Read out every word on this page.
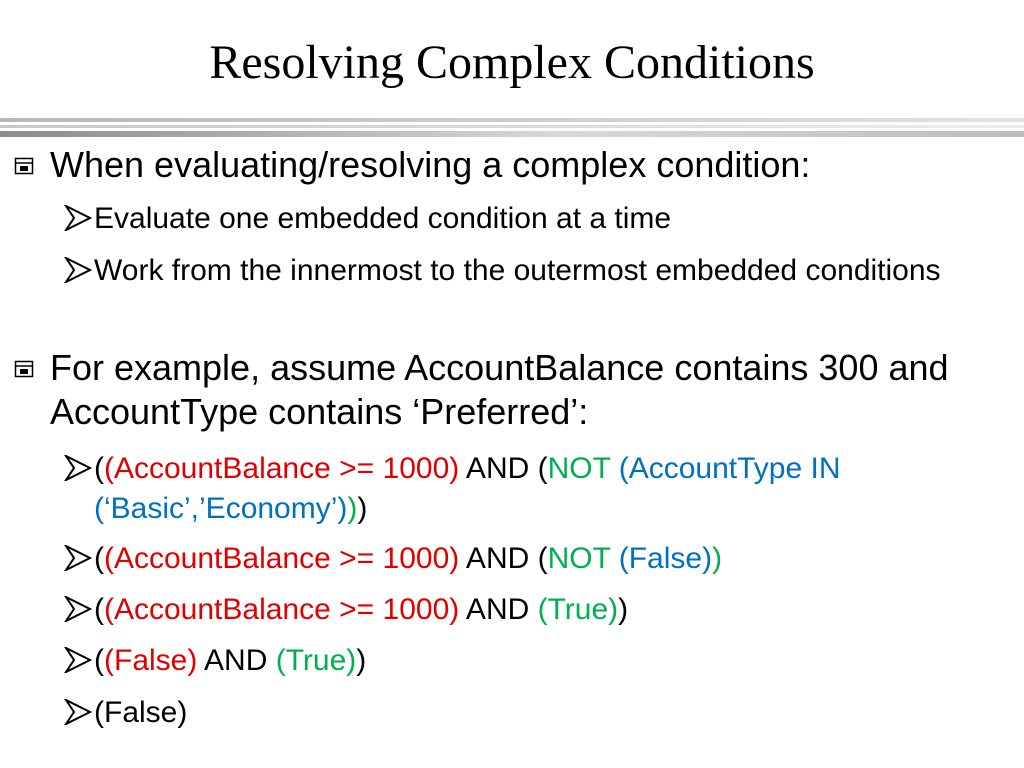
Resolving Complex Conditions
When evaluating/resolving a complex condition:
Evaluate one embedded condition at a time
Work from the innermost to the outermost embedded conditions
For example, assume AccountBalance contains 300 and AccountType contains ‘Preferred’:
((AccountBalance >= 1000) AND (NOT (AccountType IN (‘Basic’,’Economy’)))
((AccountBalance >= 1000) AND (NOT (False))
((AccountBalance >= 1000) AND (True))
((False) AND (True))
(False)
